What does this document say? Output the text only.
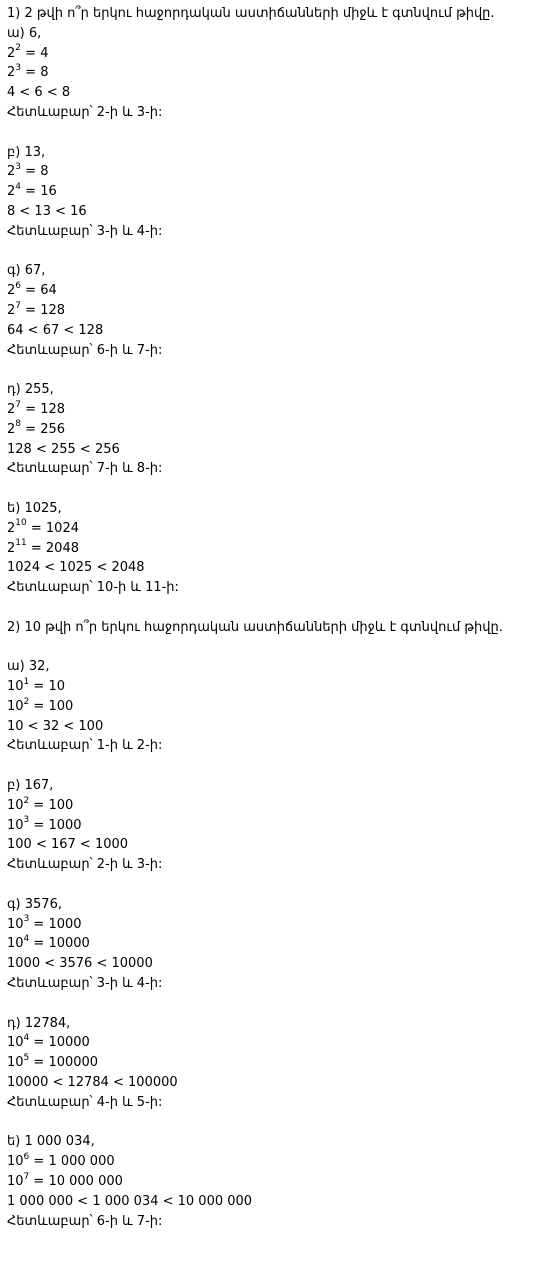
1) 2 թվի ո՞ր երկու հաջորդական աստիճանների միջև է գտնվում թիվը.
ա) 6,
$2^2 = 4$
$2^3 = 8$
4 < 6 < 8
Հետևաբար՝ 2-ի և 3-ի:
բ) 13,
$2^3 = 8$
$2^4 = 16$
8 < 13 < 16
Հետևաբար՝ 3-ի և 4-ի:
գ) 67,
$2^6 = 64$
$2^7 = 128$
64 < 67 < 128
Հետևաբար՝ 6-ի և 7-ի:
դ) 255,
$2^7 = 128$
$2^8 = 256$
128 < 255 < 256
Հետևաբար՝ 7-ի և 8-ի:
ե) 1025,
$2^{10} = 1024$
$2^{11} = 2048$
1024 < 1025 < 2048
Հետևաբար՝ 10-ի և 11-ի:
2) 10 թվի ո՞ր երկու հաջորդական աստիճանների միջև է գտնվում թիվը.
ա) 32,
$10^1 = 10$
$10^2 = 100$
10 < 32 < 100
Հետևաբար՝ 1-ի և 2-ի:
բ) 167,
$10^2 = 100$
$10^3 = 1000$
100 < 167 < 1000
Հետևաբար՝ 2-ի և 3-ի:
գ) 3576,
$10^3 = 1000$
$10^4 = 10000$
1000 < 3576 < 10000
Հետևաբար՝ 3-ի և 4-ի:
դ) 12784,
$10^4 = 10000$
$10^5 = 100000$
10000 < 12784 < 100000
Հետևաբար՝ 4-ի և 5-ի:
ե) 1 000 034,
$10^6 = 1$ 000 000
$10^7 = 10$ 000 000
1 000 000 < 1 000 034 < 10 000 000
Հետևաբար՝ 6-ի և 7-ի:
